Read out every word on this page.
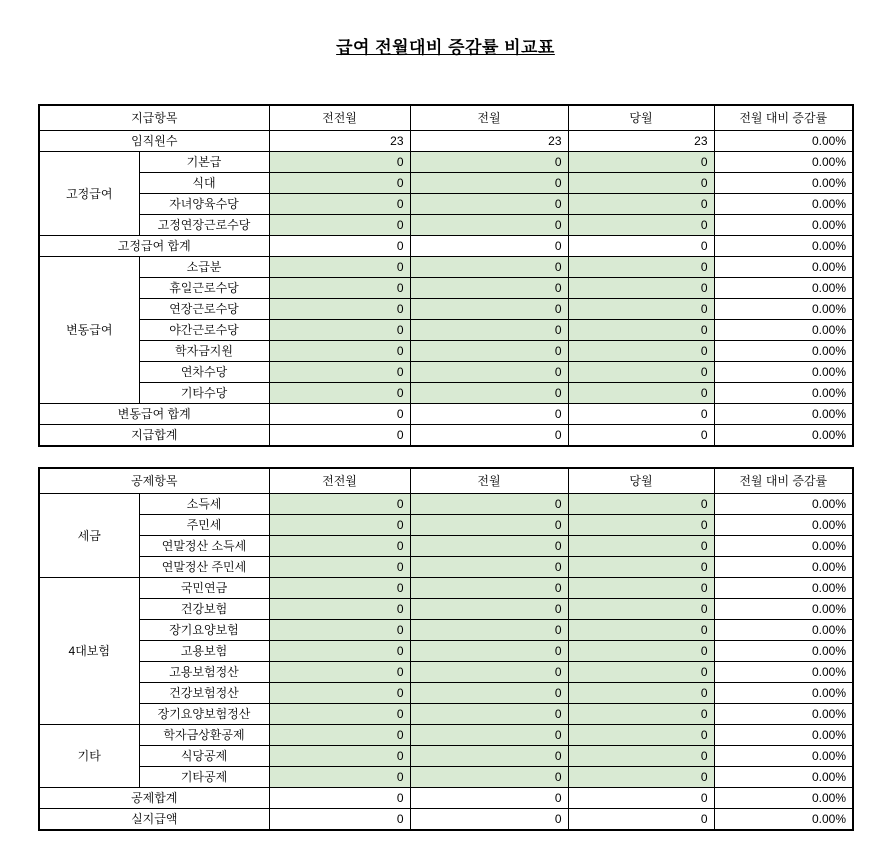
급여 전월대비 증감률 비교표
지급항목		전전월	전월	당월	전월 대비 증감률
임직원수		23	23	23	0.00%
고정급여	기본급	0	0	0	0.00%
	식대	0	0	0	0.00%
	자녀양육수당	0	0	0	0.00%
	고정연장근로수당	0	0	0	0.00%
고정급여 합계		0	0	0	0.00%
변동급여	소급분	0	0	0	0.00%
	휴일근로수당	0	0	0	0.00%
	연장근로수당	0	0	0	0.00%
	야간근로수당	0	0	0	0.00%
	학자금지원	0	0	0	0.00%
	연차수당	0	0	0	0.00%
	기타수당	0	0	0	0.00%
변동급여 합계		0	0	0	0.00%
지급합계		0	0	0	0.00%
공제항목		전전월	전월	당월	전월 대비 증감률
세금	소득세	0	0	0	0.00%
	주민세	0	0	0	0.00%
	연말정산 소득세	0	0	0	0.00%
	연말정산 주민세	0	0	0	0.00%
4대보험	국민연금	0	0	0	0.00%
	건강보험	0	0	0	0.00%
	장기요양보험	0	0	0	0.00%
	고용보험	0	0	0	0.00%
	고용보험정산	0	0	0	0.00%
	건강보험정산	0	0	0	0.00%
	장기요양보험정산	0	0	0	0.00%
기타	학자금상환공제	0	0	0	0.00%
	식당공제	0	0	0	0.00%
	기타공제	0	0	0	0.00%
공제합계		0	0	0	0.00%
실지급액		0	0	0	0.00%
